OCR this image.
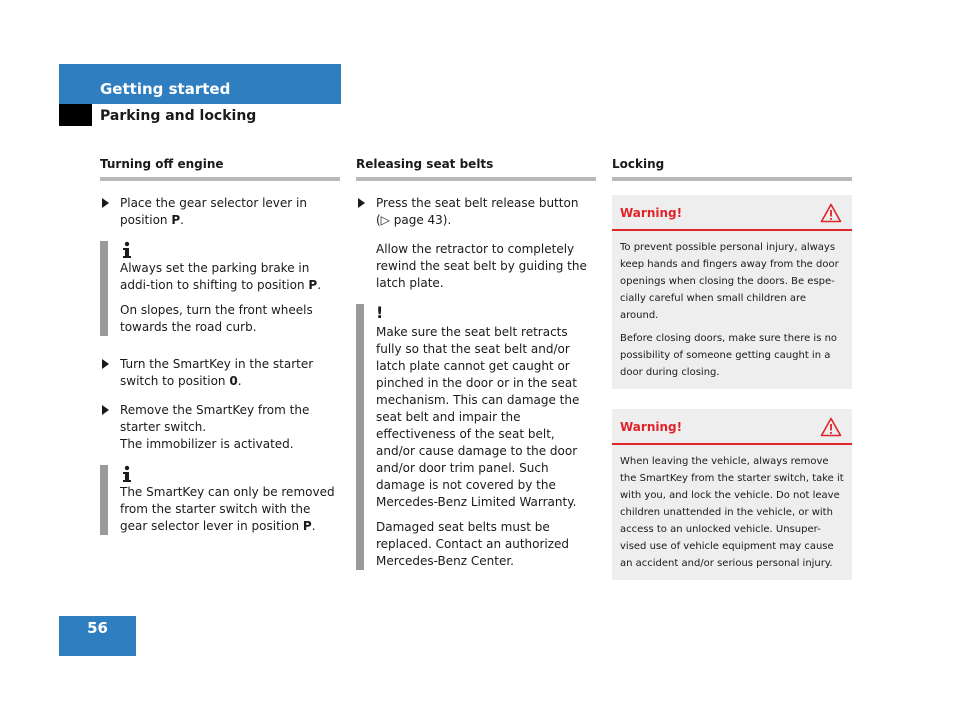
Getting started
Parking and locking
Turning off engine
Place the gear selector lever in position P.

Always set the parking brake in addi-tion to shifting to position P.

On slopes, turn the front wheels towards the road curb.

Turn the SmartKey in the starter switch to position 0.
Remove the SmartKey from the starter switch.
The immobilizer is activated.

The SmartKey can only be removed from the starter switch with the gear selector lever in position P.

Releasing seat belts
Press the seat belt release button
(▷ page 43).
Allow the retractor to completely rewind the seat belt by guiding the latch plate.
!

Make sure the seat belt retracts fully so that the seat belt and/or latch plate cannot get caught or pinched in the door or in the seat mechanism. This can damage the seat belt and impair the effectiveness of the seat belt, and/or cause damage to the door and/or door trim panel. Such damage is not covered by the Mercedes-Benz Limited Warranty.

Damaged seat belts must be replaced. Contact an authorized Mercedes-Benz Center.

Locking
Warning!

To prevent possible personal injury, always keep hands and fingers away from the door openings when closing the doors. Be espe-cially careful when small children are around.

Before closing doors, make sure there is no possibility of someone getting caught in a door during closing.

Warning!

When leaving the vehicle, always remove the SmartKey from the starter switch, take it with you, and lock the vehicle. Do not leave children unattended in the vehicle, or with access to an unlocked vehicle. Unsuper-vised use of vehicle equipment may cause an accident and/or serious personal injury.

56
